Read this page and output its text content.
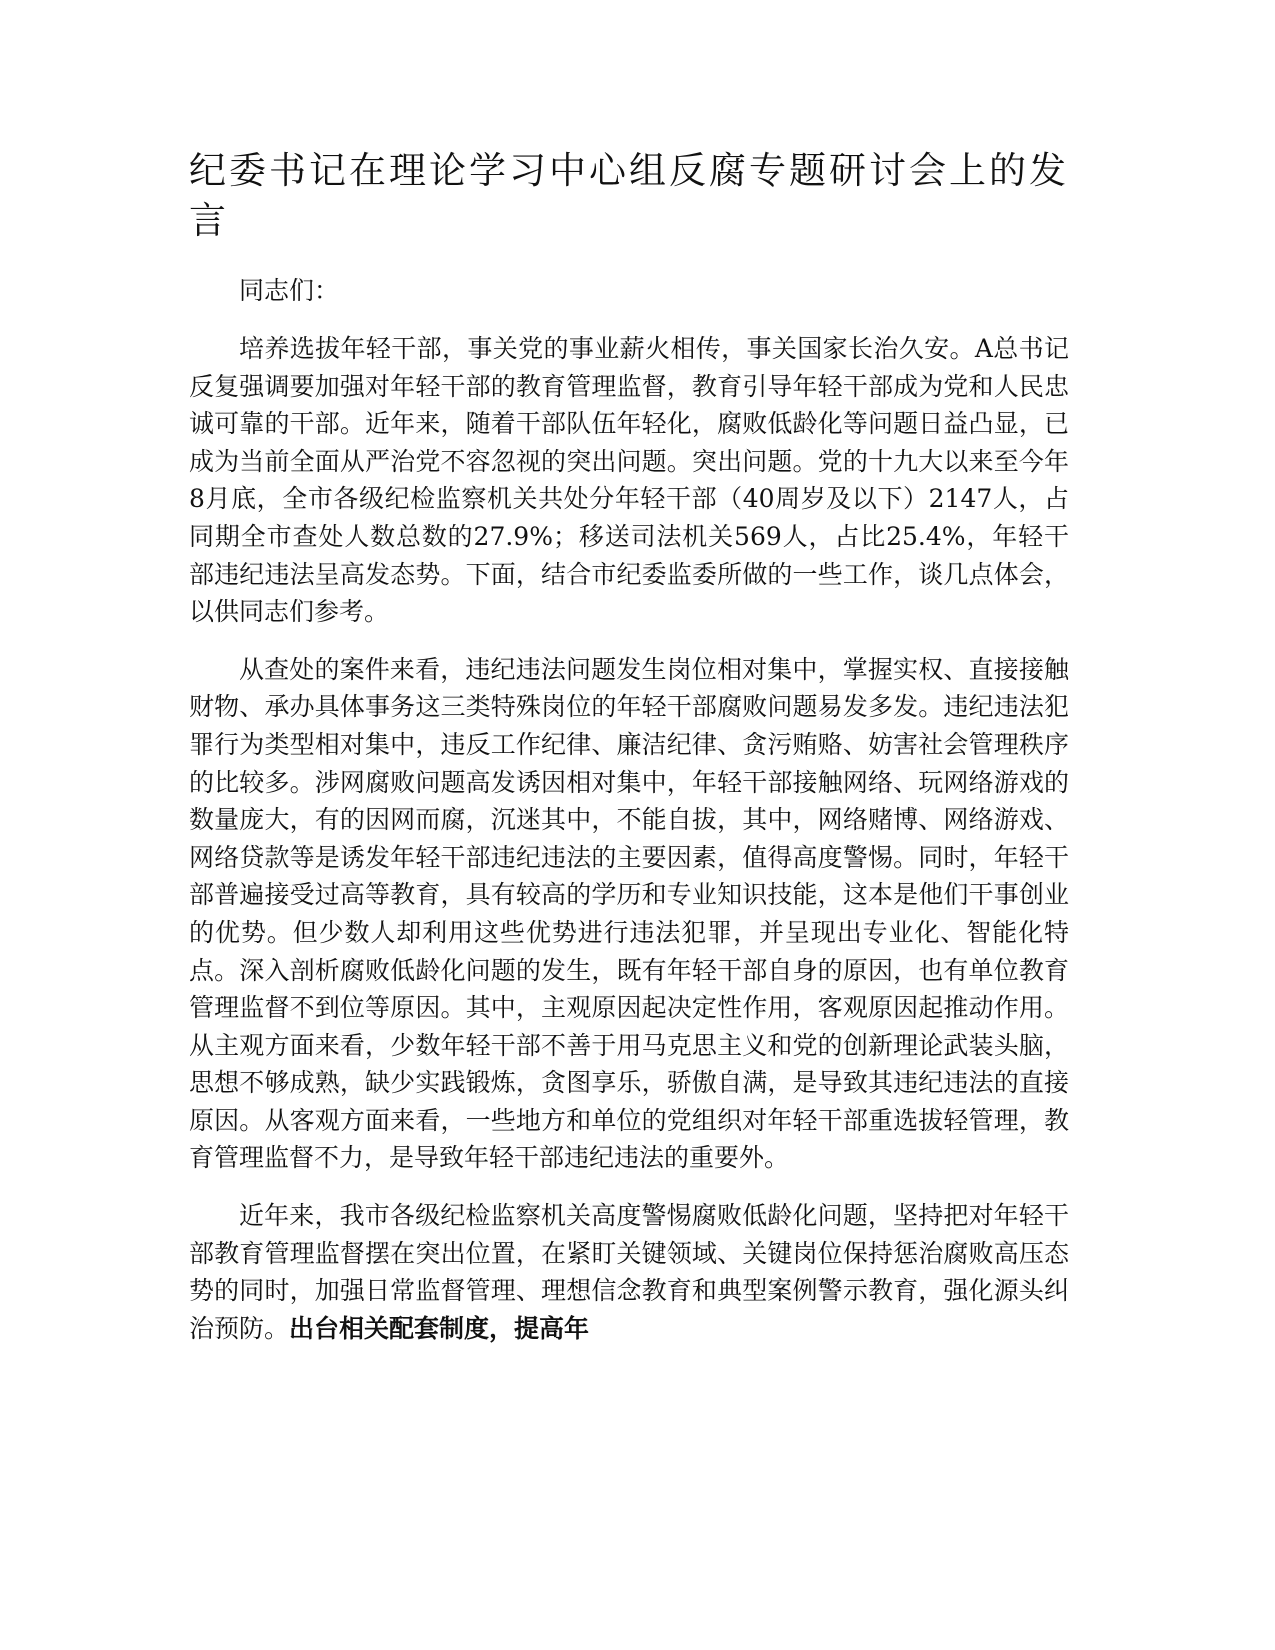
纪委书记在理论学习中心组反腐专题研讨会上的发言

同志们：

培养选拔年轻干部，事关党的事业薪火相传，事关国家长治久安。A总书记反复强调要加强对年轻干部的教育管理监督，教育引导年轻干部成为党和人民忠诚可靠的干部。近年来，随着干部队伍年轻化，腐败低龄化等问题日益凸显，已成为当前全面从严治党不容忽视的突出问题。突出问题。党的十九大以来至今年8月底，全市各级纪检监察机关共处分年轻干部（40周岁及以下）2147人，占同期全市查处人数总数的27.9%；移送司法机关569人，占比25.4%，年轻干部违纪违法呈高发态势。下面，结合市纪委监委所做的一些工作，谈几点体会，以供同志们参考。

从查处的案件来看，违纪违法问题发生岗位相对集中，掌握实权、直接接触财物、承办具体事务这三类特殊岗位的年轻干部腐败问题易发多发。违纪违法犯罪行为类型相对集中，违反工作纪律、廉洁纪律、贪污贿赂、妨害社会管理秩序的比较多。涉网腐败问题高发诱因相对集中，年轻干部接触网络、玩网络游戏的数量庞大，有的因网而腐，沉迷其中，不能自拔，其中，网络赌博、网络游戏、网络贷款等是诱发年轻干部违纪违法的主要因素，值得高度警惕。同时，年轻干部普遍接受过高等教育，具有较高的学历和专业知识技能，这本是他们干事创业的优势。但少数人却利用这些优势进行违法犯罪，并呈现出专业化、智能化特点。深入剖析腐败低龄化问题的发生，既有年轻干部自身的原因，也有单位教育管理监督不到位等原因。其中，主观原因起决定性作用，客观原因起推动作用。从主观方面来看，少数年轻干部不善于用马克思主义和党的创新理论武装头脑，思想不够成熟，缺少实践锻炼，贪图享乐，骄傲自满，是导致其违纪违法的直接原因。从客观方面来看，一些地方和单位的党组织对年轻干部重选拔轻管理，教育管理监督不力，是导致年轻干部违纪违法的重要外。

近年来，我市各级纪检监察机关高度警惕腐败低龄化问题，坚持把对年轻干部教育管理监督摆在突出位置，在紧盯关键领域、关键岗位保持惩治腐败高压态势的同时，加强日常监督管理、理想信念教育和典型案例警示教育，强化源头纠治预防。出台相关配套制度，提高年
